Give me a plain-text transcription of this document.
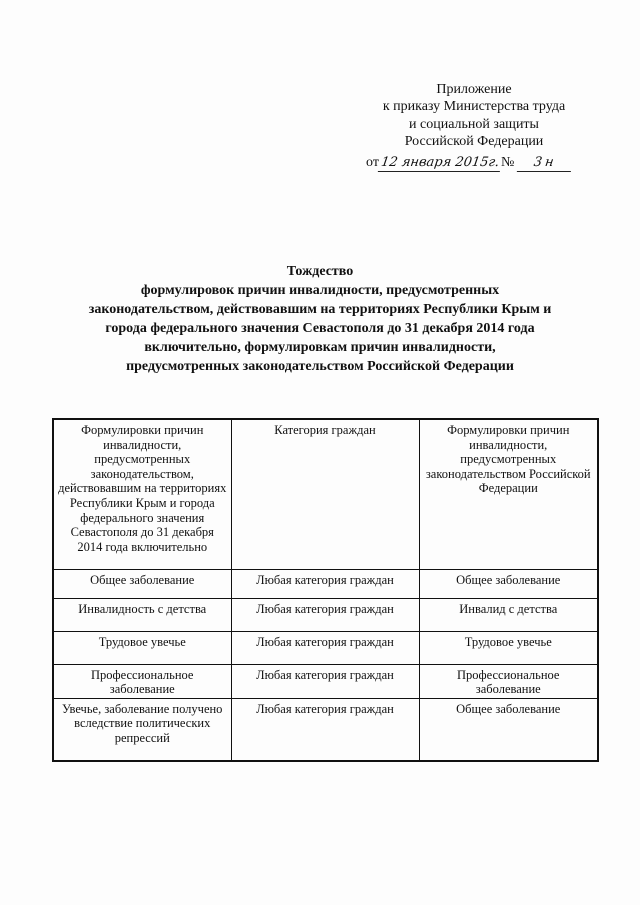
Приложение
к приказу Министерства труда
и социальной защиты
Российской Федерации
от12 января 2015г.№ 3н
Тождество
формулировок причин инвалидности, предусмотренных
законодательством, действовавшим на территориях Республики Крым и
города федерального значения Севастополя до 31 декабря 2014 года
включительно, формулировкам причин инвалидности,
предусмотренных законодательством Российской Федерации
Формулировки причин инвалидности, предусмотренных законодательством, действовавшим на территориях Республики Крым и города федерального значения Севастополя до 31 декабря 2014 года включительно	Категория граждан	Формулировки причин инвалидности, предусмотренных законодательством Российской Федерации
Общее заболевание	Любая категория граждан	Общее заболевание
Инвалидность с детства	Любая категория граждан	Инвалид с детства
Трудовое увечье	Любая категория граждан	Трудовое увечье
Профессиональное заболевание	Любая категория граждан	Профессиональное заболевание
Увечье, заболевание получено вследствие политических репрессий	Любая категория граждан	Общее заболевание
